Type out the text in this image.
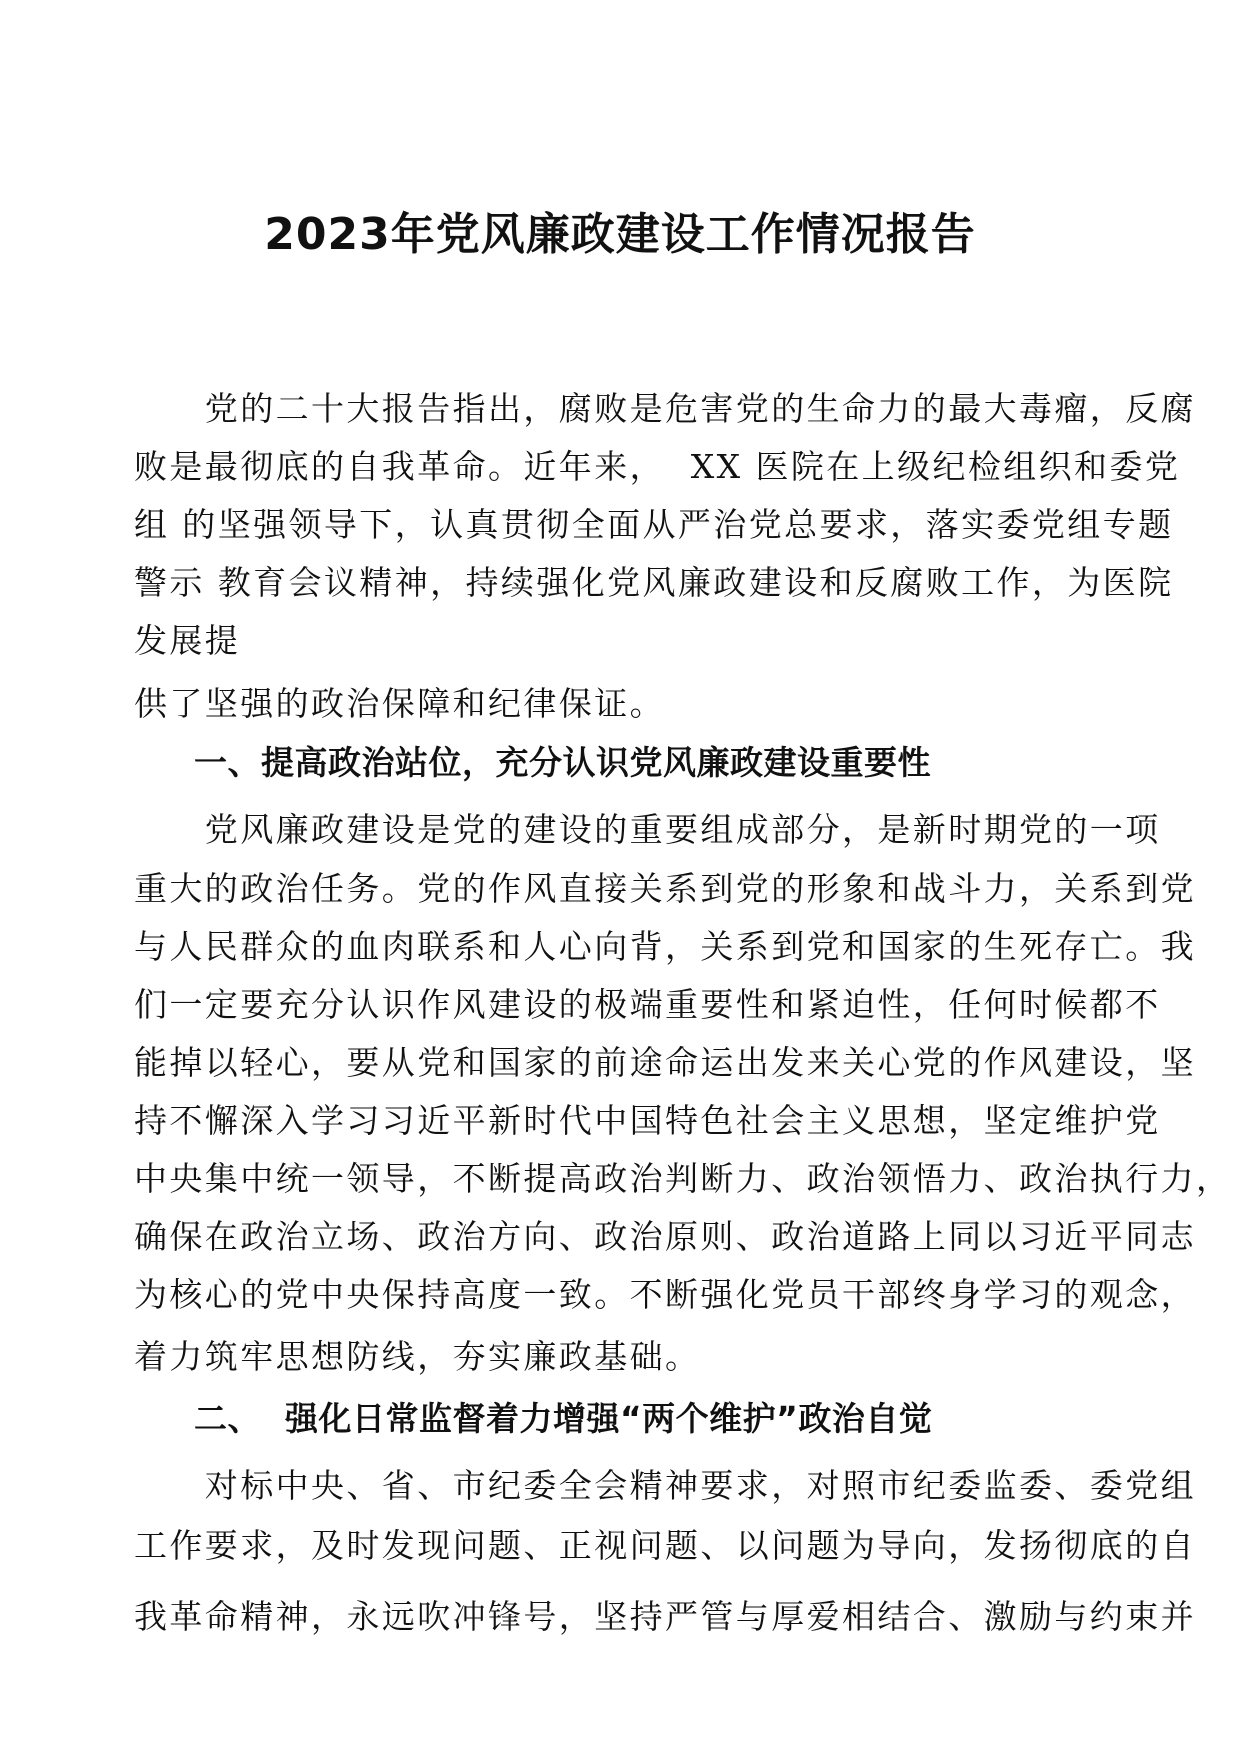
2023年党风廉政建设工作情况报告
　　党的二十大报告指出，腐败是危害党的生命力的最大毒瘤，反腐
败是最彻底的自我革命。近年来，  XX 医院在上级纪检组织和委党
组 的坚强领导下，认真贯彻全面从严治党总要求，落实委党组专题
警示 教育会议精神，持续强化党风廉政建设和反腐败工作，为医院
发展提
供了坚强的政治保障和纪律保证。
一、提高政治站位，充分认识党风廉政建设重要性
　　党风廉政建设是党的建设的重要组成部分，是新时期党的一项
重大的政治任务。党的作风直接关系到党的形象和战斗力，关系到党
与人民群众的血肉联系和人心向背，关系到党和国家的生死存亡。我
们一定要充分认识作风建设的极端重要性和紧迫性，任何时候都不
能掉以轻心，要从党和国家的前途命运出发来关心党的作风建设，坚
持不懈深入学习习近平新时代中国特色社会主义思想，坚定维护党
中央集中统一领导，不断提高政治判断力、政治领悟力、政治执行力，
确保在政治立场、政治方向、政治原则、政治道路上同以习近平同志
为核心的党中央保持高度一致。不断强化党员干部终身学习的观念，
着力筑牢思想防线，夯实廉政基础。
二、  强化日常监督着力增强“两个维护”政治自觉
　　对标中央、省、市纪委全会精神要求，对照市纪委监委、委党组
工作要求，及时发现问题、正视问题、以问题为导向，发扬彻底的自
我革命精神，永远吹冲锋号，坚持严管与厚爱相结合、激励与约束并
